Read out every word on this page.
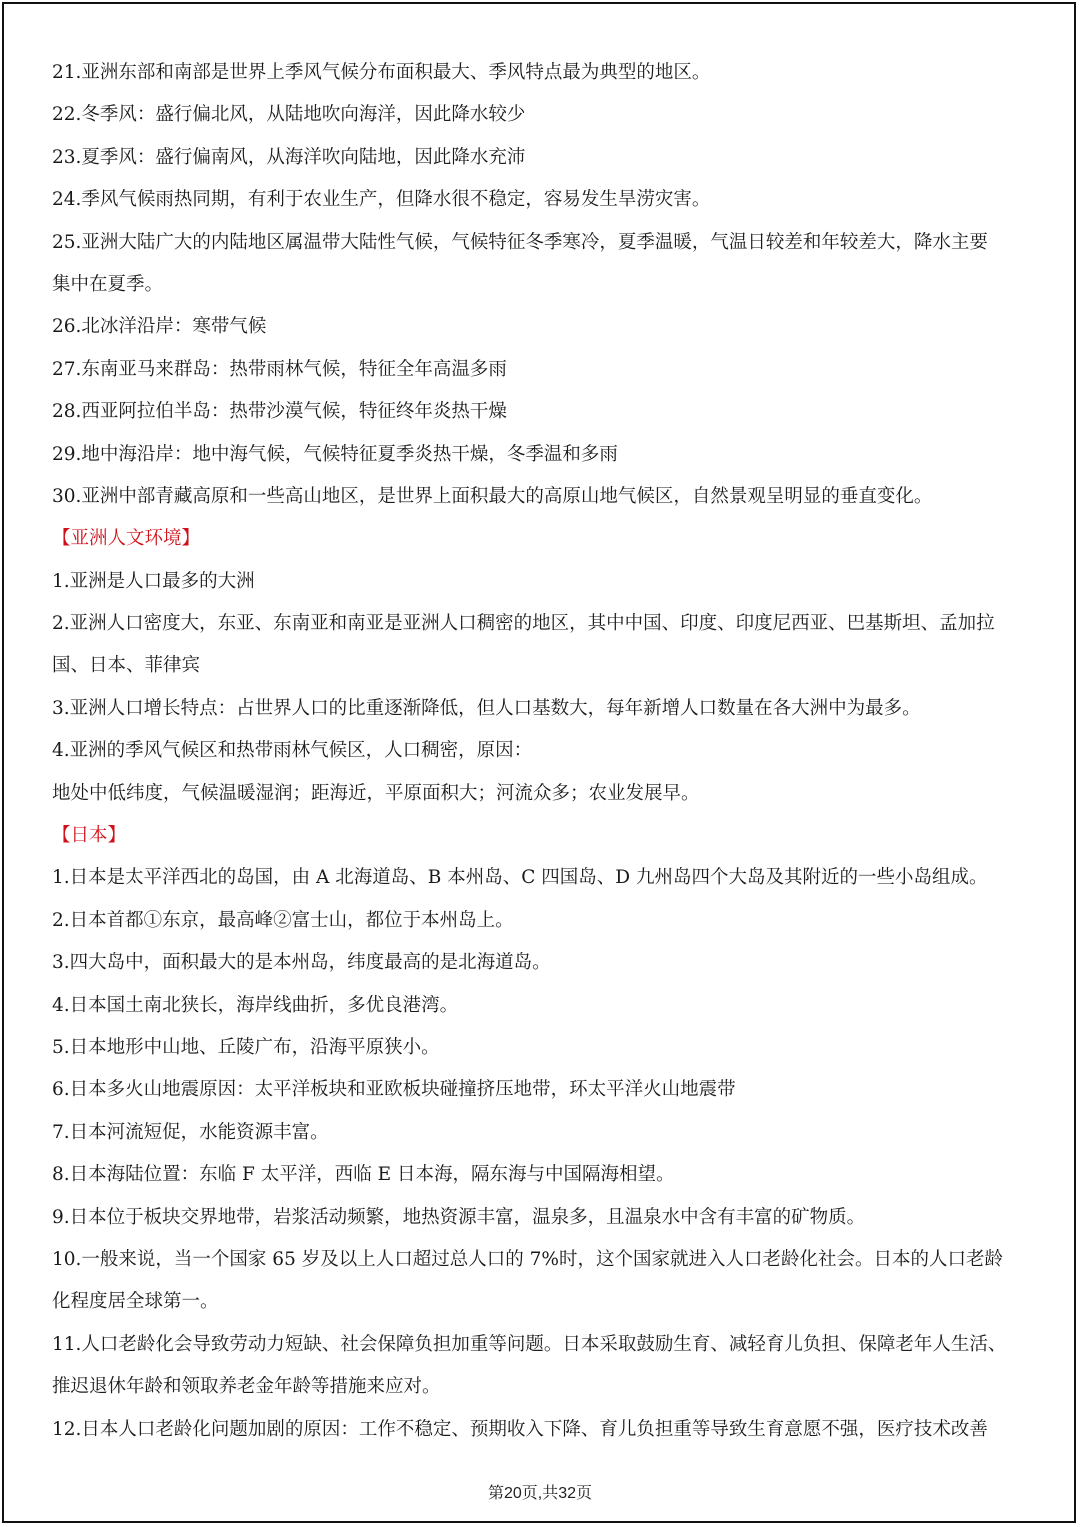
21.亚洲东部和南部是世界上季风气候分布面积最大、季风特点最为典型的地区。
22.冬季风：盛行偏北风，从陆地吹向海洋，因此降水较少
23.夏季风：盛行偏南风，从海洋吹向陆地，因此降水充沛
24.季风气候雨热同期，有利于农业生产，但降水很不稳定，容易发生旱涝灾害。
25.亚洲大陆广大的内陆地区属温带大陆性气候，气候特征冬季寒冷，夏季温暖，气温日较差和年较差大，降水主要
集中在夏季。
26.北冰洋沿岸：寒带气候
27.东南亚马来群岛：热带雨林气候，特征全年高温多雨
28.西亚阿拉伯半岛：热带沙漠气候，特征终年炎热干燥
29.地中海沿岸：地中海气候，气候特征夏季炎热干燥，冬季温和多雨
30.亚洲中部青藏高原和一些高山地区，是世界上面积最大的高原山地气候区，自然景观呈明显的垂直变化。
【亚洲人文环境】
1.亚洲是人口最多的大洲
2.亚洲人口密度大，东亚、东南亚和南亚是亚洲人口稠密的地区，其中中国、印度、印度尼西亚、巴基斯坦、孟加拉
国、日本、菲律宾
3.亚洲人口增长特点：占世界人口的比重逐渐降低，但人口基数大，每年新增人口数量在各大洲中为最多。
4.亚洲的季风气候区和热带雨林气候区，人口稠密，原因：
地处中低纬度，气候温暖湿润；距海近，平原面积大；河流众多；农业发展早。
【日本】
1.日本是太平洋西北的岛国，由 A 北海道岛、B 本州岛、C 四国岛、D 九州岛四个大岛及其附近的一些小岛组成。
2.日本首都①东京，最高峰②富士山，都位于本州岛上。
3.四大岛中，面积最大的是本州岛，纬度最高的是北海道岛。
4.日本国土南北狭长，海岸线曲折，多优良港湾。
5.日本地形中山地、丘陵广布，沿海平原狭小。
6.日本多火山地震原因：太平洋板块和亚欧板块碰撞挤压地带，环太平洋火山地震带
7.日本河流短促，水能资源丰富。
8.日本海陆位置：东临 F 太平洋，西临 E 日本海，隔东海与中国隔海相望。
9.日本位于板块交界地带，岩浆活动频繁，地热资源丰富，温泉多，且温泉水中含有丰富的矿物质。
10.一般来说，当一个国家 65 岁及以上人口超过总人口的 7%时，这个国家就进入人口老龄化社会。日本的人口老龄
化程度居全球第一。
11.人口老龄化会导致劳动力短缺、社会保障负担加重等问题。日本采取鼓励生育、减轻育儿负担、保障老年人生活、
推迟退休年龄和领取养老金年龄等措施来应对。
12.日本人口老龄化问题加剧的原因：工作不稳定、预期收入下降、育儿负担重等导致生育意愿不强，医疗技术改善
第20页,共32页
